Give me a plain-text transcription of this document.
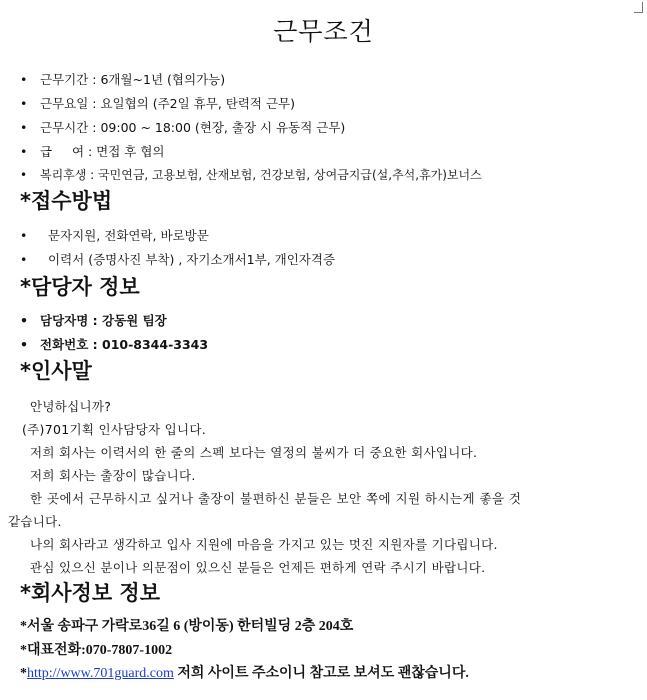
근무조건
• 근무기간 : 6개월~1년 (협의가능)
• 근무요일 : 요일협의 (주2일 휴무, 탄력적 근무)
• 근무시간 : 09:00 ~ 18:00 (현장, 출장 시 유동적 근무)
• 급     여 : 면접 후 협의
• 복리후생 : 국민연금, 고용보험, 산재보험, 건강보험, 상여금지급(설,추석,휴가)보너스
*접수방법
• 문자지원, 전화연락, 바로방문
• 이력서 (증명사진 부착) , 자기소개서1부, 개인자격증
*담당자 정보
• 담당자명 : 강동원 팀장
• 전화번호 : 010-8344-3343
*인사말
안녕하십니까?
(주)701기획 인사담당자 입니다.
저희 회사는 이력서의 한 줄의 스펙 보다는 열정의 불씨가 더 중요한 회사입니다.
저희 회사는 출장이 많습니다.
한 곳에서 근무하시고 싶거나 출장이 불편하신 분들은 보안 쪽에 지원 하시는게 좋을 것
같습니다.
나의 회사라고 생각하고 입사 지원에 마음을 가지고 있는 멋진 지원자를 기다립니다.
관심 있으신 분이나 의문점이 있으신 분들은 언제든 편하게 연락 주시기 바랍니다.
*회사정보 정보
*서울 송파구 가락로36길 6 (방이동) 한터빌딩 2층 204호
*대표전화:070-7807-1002
*http://www.701guard.com 저희 사이트 주소이니 참고로 보셔도 괜찮습니다.
